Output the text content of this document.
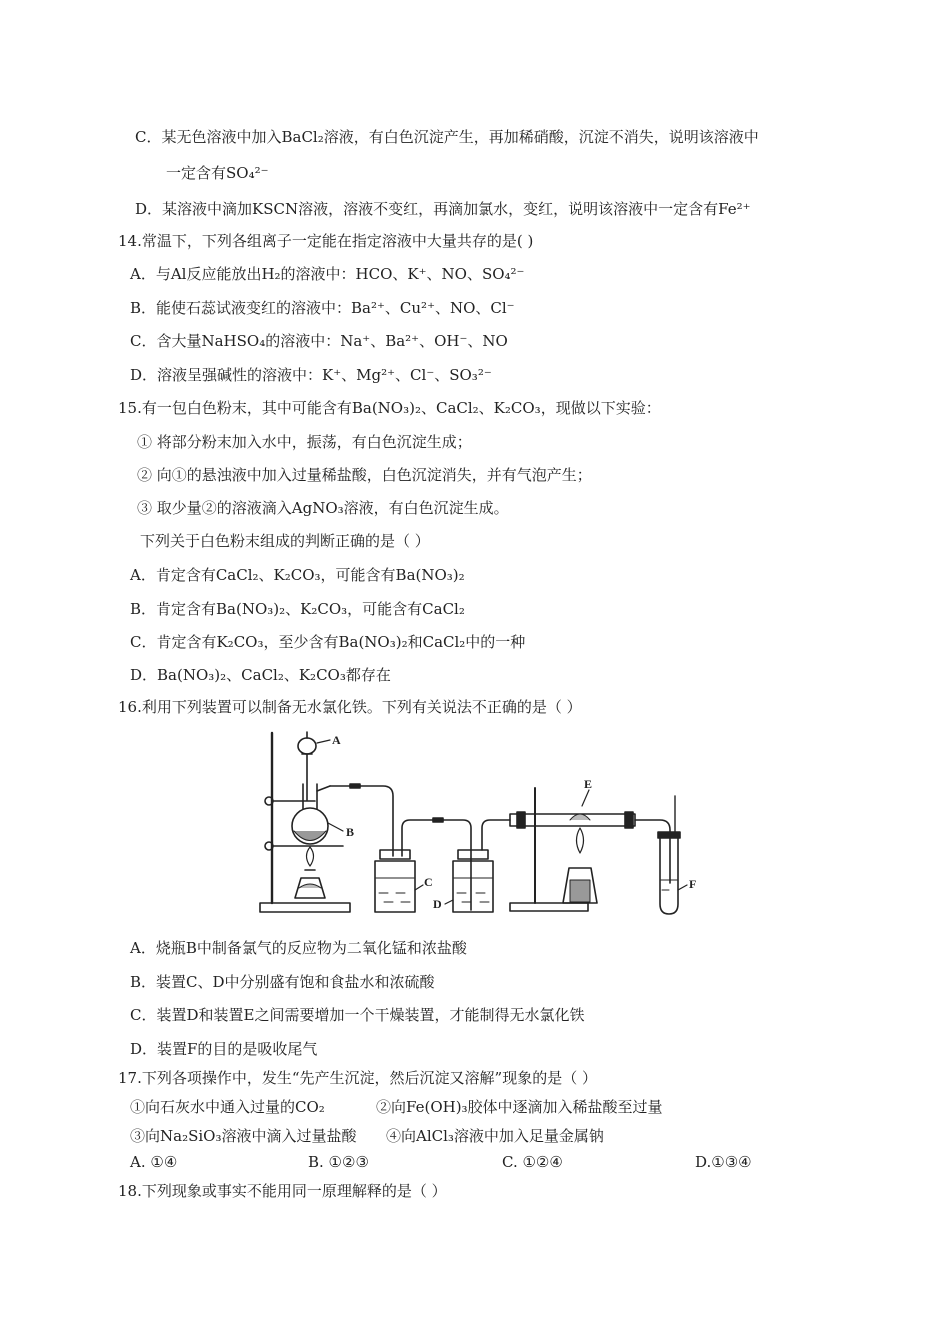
C．某无色溶液中加入BaCl₂溶液，有白色沉淀产生，再加稀硝酸，沉淀不消失，说明该溶液中
一定含有SO₄²⁻
D．某溶液中滴加KSCN溶液，溶液不变红，再滴加氯水，变红，说明该溶液中一定含有Fe²⁺
14.常温下，下列各组离子一定能在指定溶液中大量共存的是( )
A．与Al反应能放出H₂的溶液中：HCO、K⁺、NO、SO₄²⁻
B．能使石蕊试液变红的溶液中：Ba²⁺、Cu²⁺、NO、Cl⁻
C．含大量NaHSO₄的溶液中：Na⁺、Ba²⁺、OH⁻、NO
D．溶液呈强碱性的溶液中：K⁺、Mg²⁺、Cl⁻、SO₃²⁻
15.有一包白色粉末，其中可能含有Ba(NO₃)₂、CaCl₂、K₂CO₃，现做以下实验：
① 将部分粉末加入水中，振荡，有白色沉淀生成；
② 向①的悬浊液中加入过量稀盐酸，白色沉淀消失，并有气泡产生；
③ 取少量②的溶液滴入AgNO₃溶液，有白色沉淀生成。
下列关于白色粉末组成的判断正确的是（ ）
A．肯定含有CaCl₂、K₂CO₃，可能含有Ba(NO₃)₂
B．肯定含有Ba(NO₃)₂、K₂CO₃，可能含有CaCl₂
C．肯定含有K₂CO₃，至少含有Ba(NO₃)₂和CaCl₂中的一种
D．Ba(NO₃)₂、CaCl₂、K₂CO₃都存在
16.利用下列装置可以制备无水氯化铁。下列有关说法不正确的是（ ）
A
B
C
D
E
F
A．烧瓶B中制备氯气的反应物为二氧化锰和浓盐酸
B．装置C、D中分别盛有饱和食盐水和浓硫酸
C．装置D和装置E之间需要增加一个干燥装置，才能制得无水氯化铁
D．装置F的目的是吸收尾气
17.下列各项操作中，发生“先产生沉淀，然后沉淀又溶解”现象的是（ ）
①向石灰水中通入过量的CO₂	②向Fe(OH)₃胶体中逐滴加入稀盐酸至过量
③向Na₂SiO₃溶液中滴入过量盐酸 ④向AlCl₃溶液中加入足量金属钠
A. ①④	B. ①②③	C. ①②④	D.①③④
18.下列现象或事实不能用同一原理解释的是（ ）
